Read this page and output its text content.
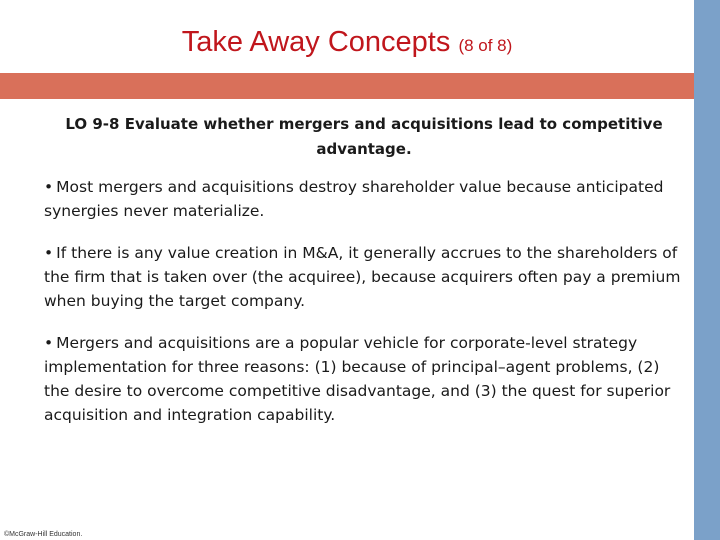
Take Away Concepts (8 of 8)
LO 9-8 Evaluate whether mergers and acquisitions lead to competitive advantage.
• Most mergers and acquisitions destroy shareholder value because anticipated synergies never materialize.
• If there is any value creation in M&A, it generally accrues to the shareholders of the firm that is taken over (the acquiree), because acquirers often pay a premium when buying the target company.
• Mergers and acquisitions are a popular vehicle for corporate-level strategy implementation for three reasons: (1) because of principal–agent problems, (2) the desire to overcome competitive disadvantage, and (3) the quest for superior acquisition and integration capability.
©McGraw-Hill Education.
